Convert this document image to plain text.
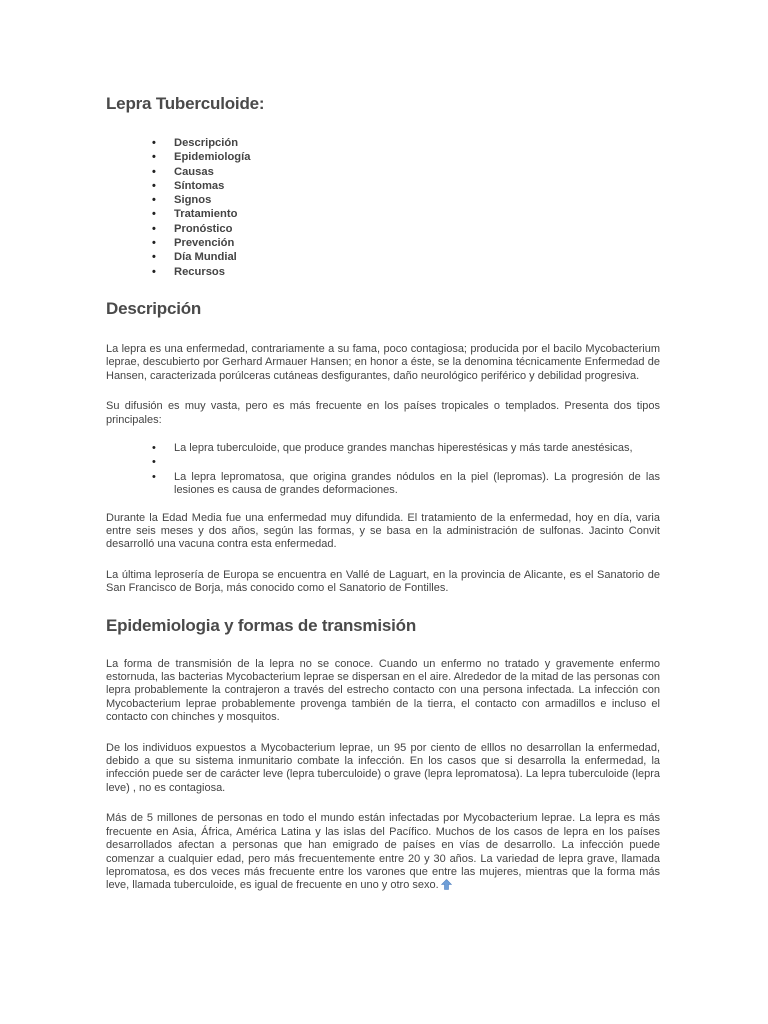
Lepra Tuberculoide:
• Descripción
• Epidemiología
• Causas
• Síntomas
• Signos
• Tratamiento
• Pronóstico
• Prevención
• Día Mundial
• Recursos
Descripción

La lepra es una enfermedad, contrariamente a su fama, poco contagiosa; producida por el bacilo Mycobacterium leprae, descubierto por Gerhard Armauer Hansen; en honor a éste, se la denomina técnicamente Enfermedad de Hansen, caracterizada porúlceras cutáneas desfigurantes, daño neurológico periférico y debilidad progresiva.

Su difusión es muy vasta, pero es más frecuente en los países tropicales o templados. Presenta dos tipos principales:

• La lepra tuberculoide, que produce grandes manchas hiperestésicas y más tarde anestésicas,
•
• La lepra lepromatosa, que origina grandes nódulos en la piel (lepromas). La progresión de las lesiones es causa de grandes deformaciones.

Durante la Edad Media fue una enfermedad muy difundida. El tratamiento de la enfermedad, hoy en día, varia entre seis meses y dos años, según las formas, y se basa en la administración de sulfonas. Jacinto Convit desarrolló una vacuna contra esta enfermedad.

La última leprosería de Europa se encuentra en Vallé de Laguart, en la provincia de Alicante, es el Sanatorio de San Francisco de Borja, más conocido como el Sanatorio de Fontilles.

Epidemiologia y formas de transmisión

La forma de transmisión de la lepra no se conoce. Cuando un enfermo no tratado y gravemente enfermo estornuda, las bacterias Mycobacterium leprae se dispersan en el aire. Alrededor de la mitad de las personas con lepra probablemente la contrajeron a través del estrecho contacto con una persona infectada. La infección con Mycobacterium leprae probablemente provenga también de la tierra, el contacto con armadillos e incluso el contacto con chinches y mosquitos.

De los individuos expuestos a Mycobacterium leprae, un 95 por ciento de elllos no desarrollan la enfermedad, debido a que su sistema inmunitario combate la infección. En los casos que si desarrolla la enfermedad, la infección puede ser de carácter leve (lepra tuberculoide) o grave (lepra lepromatosa). La lepra tuberculoide (lepra leve) , no es contagiosa.

Más de 5 millones de personas en todo el mundo están infectadas por Mycobacterium leprae. La lepra es más frecuente en Asia, África, América Latina y las islas del Pacífico. Muchos de los casos de lepra en los países desarrollados afectan a personas que han emigrado de países en vías de desarrollo. La infección puede comenzar a cualquier edad, pero más frecuentemente entre 20 y 30 años. La variedad de lepra grave, llamada lepromatosa, es dos veces más frecuente entre los varones que entre las mujeres, mientras que la forma más leve, llamada tuberculoide, es igual de frecuente en uno y otro sexo.
